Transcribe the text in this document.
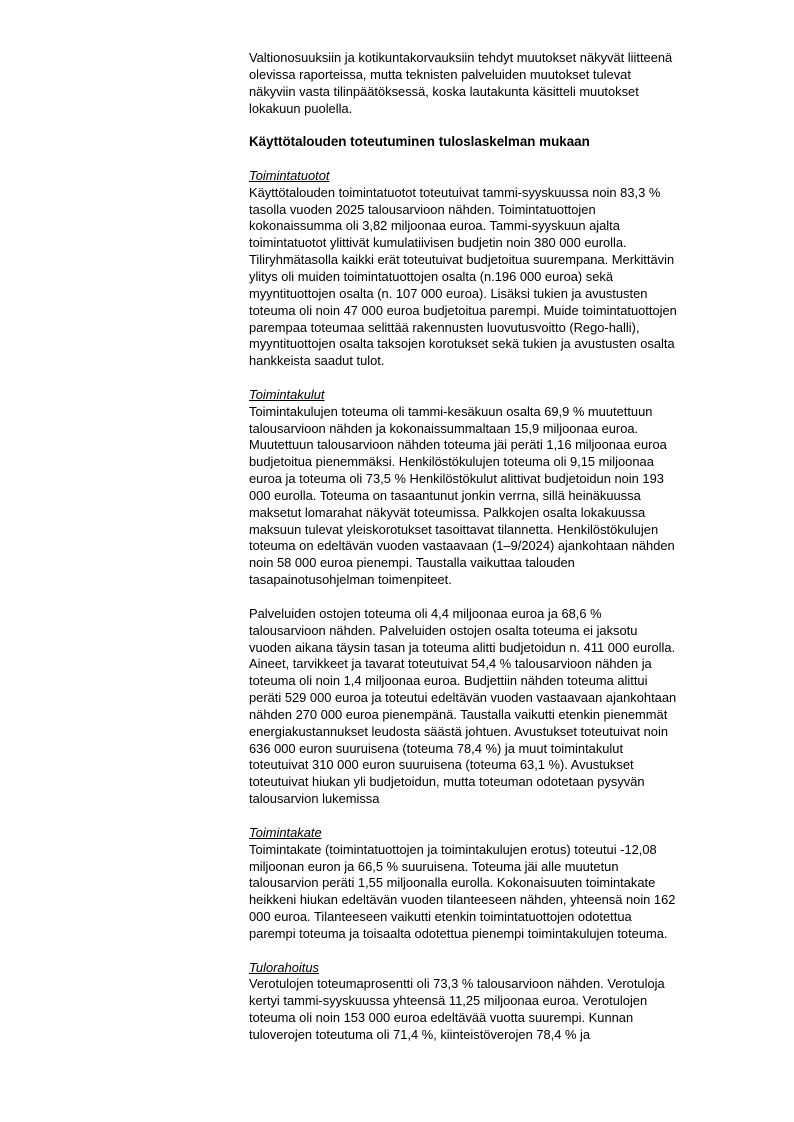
Valtionosuuksiin ja kotikuntakorvauksiin tehdyt muutokset näkyvät liitteenä
olevissa raporteissa, mutta teknisten palveluiden muutokset tulevat
näkyviin vasta tilinpäätöksessä, koska lautakunta käsitteli muutokset
lokakuun puolella.
Käyttötalouden toteutuminen tuloslaskelman mukaan
Toimintatuotot
Käyttötalouden toimintatuotot toteutuivat tammi-syyskuussa noin 83,3 %
tasolla vuoden 2025 talousarvioon nähden. Toimintatuottojen
kokonaissumma oli 3,82 miljoonaa euroa. Tammi-syyskuun ajalta
toimintatuotot ylittivät kumulatiivisen budjetin noin 380 000 eurolla.
Tiliryhmätasolla kaikki erät toteutuivat budjetoitua suurempana. Merkittävin
ylitys oli muiden toimintatuottojen osalta (n.196 000 euroa) sekä
myyntituottojen osalta (n. 107 000 euroa). Lisäksi tukien ja avustusten
toteuma oli noin 47 000 euroa budjetoitua parempi. Muide toimintatuottojen
parempaa toteumaa selittää rakennusten luovutusvoitto (Rego-halli),
myyntituottojen osalta taksojen korotukset sekä tukien ja avustusten osalta
hankkeista saadut tulot.
Toimintakulut
Toimintakulujen toteuma oli tammi-kesäkuun osalta 69,9 % muutettuun
talousarvioon nähden ja kokonaissummaltaan 15,9 miljoonaa euroa.
Muutettuun talousarvioon nähden toteuma jäi peräti 1,16 miljoonaa euroa
budjetoitua pienemmäksi. Henkilöstökulujen toteuma oli 9,15 miljoonaa
euroa ja toteuma oli 73,5 % Henkilöstökulut alittivat budjetoidun noin 193
000 eurolla. Toteuma on tasaantunut jonkin verrna, sillä heinäkuussa
maksetut lomarahat näkyvät toteumissa. Palkkojen osalta lokakuussa
maksuun tulevat yleiskorotukset tasoittavat tilannetta. Henkilöstökulujen
toteuma on edeltävän vuoden vastaavaan (1–9/2024) ajankohtaan nähden
noin 58 000 euroa pienempi. Taustalla vaikuttaa talouden
tasapainotusohjelman toimenpiteet.
Palveluiden ostojen toteuma oli 4,4 miljoonaa euroa ja 68,6 %
talousarvioon nähden. Palveluiden ostojen osalta toteuma ei jaksotu
vuoden aikana täysin tasan ja toteuma alitti budjetoidun n. 411 000 eurolla.
Aineet, tarvikkeet ja tavarat toteutuivat 54,4 % talousarvioon nähden ja
toteuma oli noin 1,4 miljoonaa euroa. Budjettiin nähden toteuma alittui
peräti 529 000 euroa ja toteutui edeltävän vuoden vastaavaan ajankohtaan
nähden 270 000 euroa pienempänä. Taustalla vaikutti etenkin pienemmät
energiakustannukset leudosta säästä johtuen. Avustukset toteutuivat noin
636 000 euron suuruisena (toteuma 78,4 %) ja muut toimintakulut
toteutuivat 310 000 euron suuruisena (toteuma 63,1 %). Avustukset
toteutuivat hiukan yli budjetoidun, mutta toteuman odotetaan pysyvän
talousarvion lukemissa
Toimintakate
Toimintakate (toimintatuottojen ja toimintakulujen erotus) toteutui -12,08
miljoonan euron ja 66,5 % suuruisena. Toteuma jäi alle muutetun
talousarvion peräti 1,55 miljoonalla eurolla. Kokonaisuuten toimintakate
heikkeni hiukan edeltävän vuoden tilanteeseen nähden, yhteensä noin 162
000 euroa. Tilanteeseen vaikutti etenkin toimintatuottojen odotettua
parempi toteuma ja toisaalta odotettua pienempi toimintakulujen toteuma.
Tulorahoitus
Verotulojen toteumaprosentti oli 73,3 % talousarvioon nähden. Verotuloja
kertyi tammi-syyskuussa yhteensä 11,25 miljoonaa euroa. Verotulojen
toteuma oli noin 153 000 euroa edeltävää vuotta suurempi. Kunnan
tuloverojen toteutuma oli 71,4 %, kiinteistöverojen 78,4 % ja
